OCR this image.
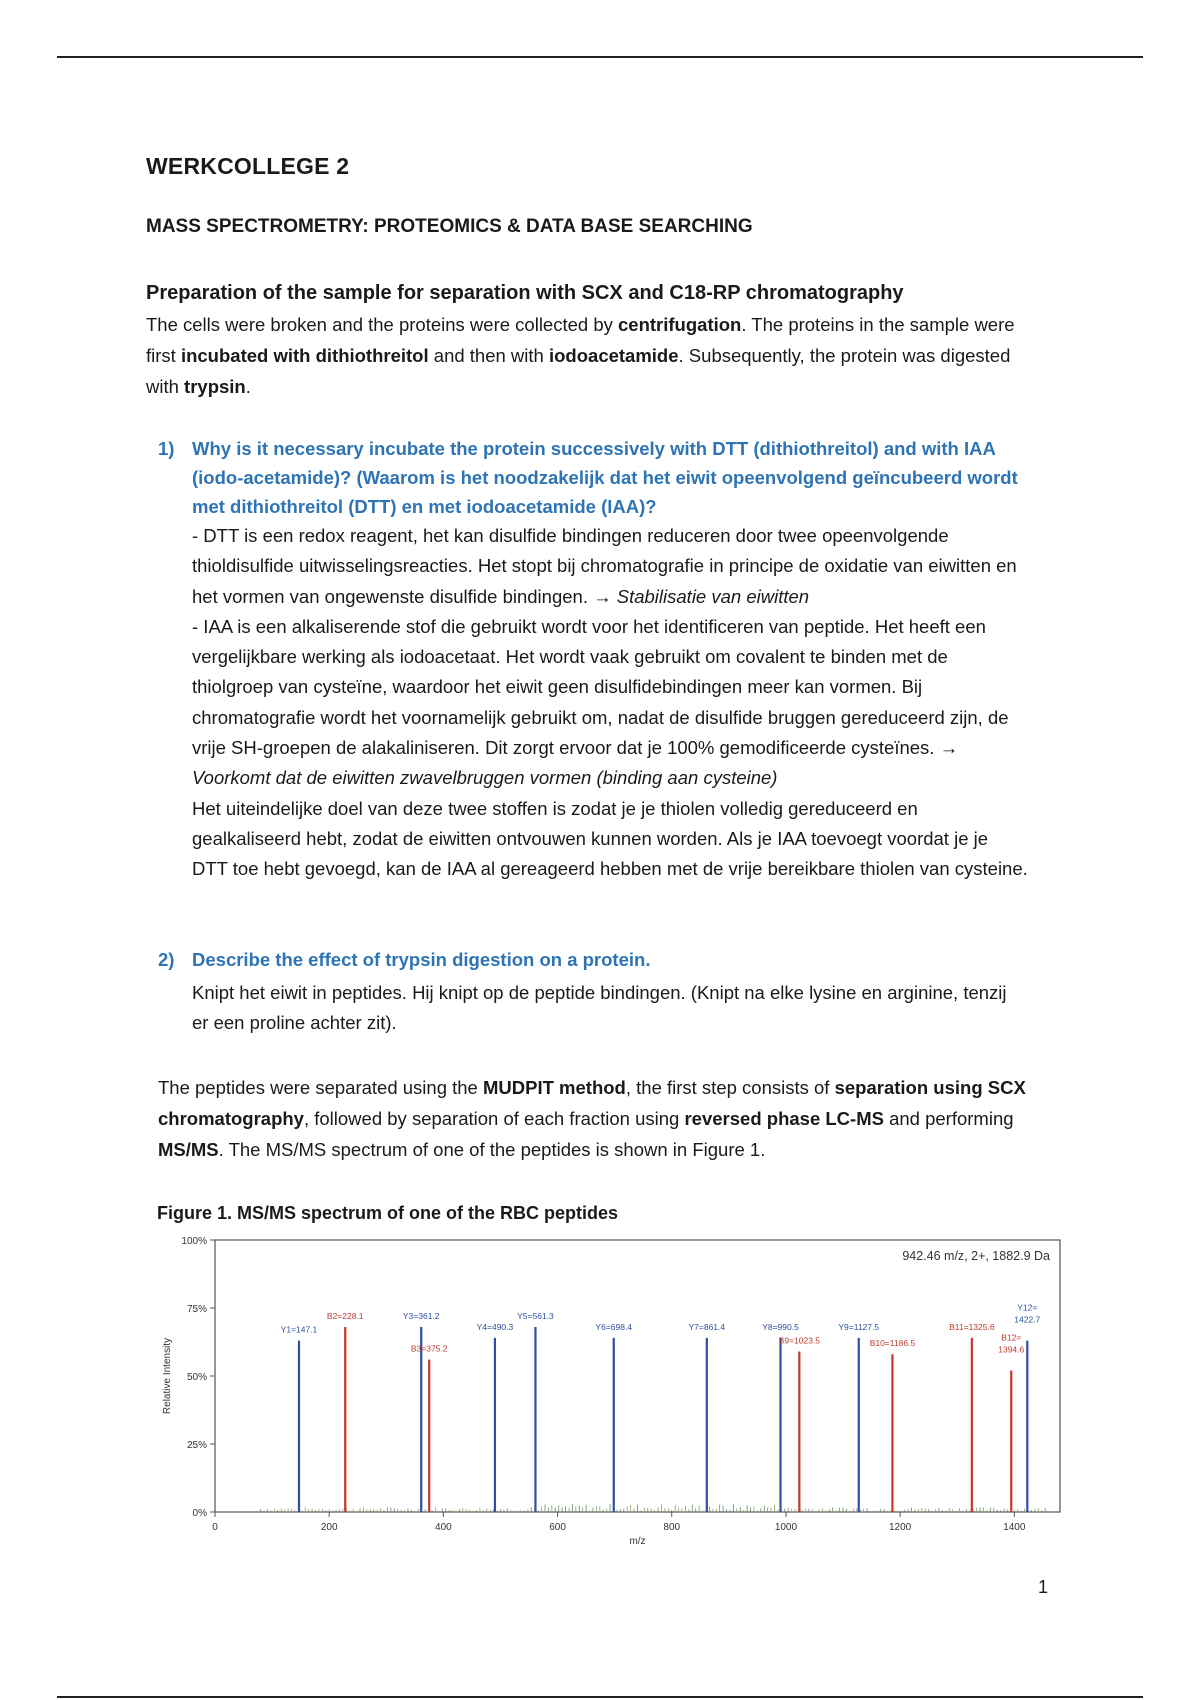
WERKCOLLEGE 2
MASS SPECTROMETRY: PROTEOMICS & DATA BASE SEARCHING
Preparation of the sample for separation with SCX and C18-RP chromatography
The cells were broken and the proteins were collected by centrifugation. The proteins in the sample were first incubated with dithiothreitol and then with iodoacetamide. Subsequently, the protein was digested with trypsin.
1) Why is it necessary incubate the protein successively with DTT (dithiothreitol) and with IAA (iodo-acetamide)? (Waarom is het noodzakelijk dat het eiwit opeenvolgend geïncubeerd wordt met dithiothreitol (DTT) en met iodoacetamide (IAA)?
- DTT is een redox reagent, het kan disulfide bindingen reduceren door twee opeenvolgende thioldisulfide uitwisselingsreacties. Het stopt bij chromatografie in principe de oxidatie van eiwitten en het vormen van ongewenste disulfide bindingen. → Stabilisatie van eiwitten
- IAA is een alkaliserende stof die gebruikt wordt voor het identificeren van peptide. Het heeft een vergelijkbare werking als iodoacetaat. Het wordt vaak gebruikt om covalent te binden met de thiolgroep van cysteïne, waardoor het eiwit geen disulfidebindingen meer kan vormen. Bij chromatografie wordt het voornamelijk gebruikt om, nadat de disulfide bruggen gereduceerd zijn, de vrije SH-groepen de alakaliniseren. Dit zorgt ervoor dat je 100% gemodificeerde cysteïnes. → Voorkomt dat de eiwitten zwavelbruggen vormen (binding aan cysteine)
Het uiteindelijke doel van deze twee stoffen is zodat je je thiolen volledig gereduceerd en gealkaliseerd hebt, zodat de eiwitten ontvouwen kunnen worden. Als je IAA toevoegt voordat je je DTT toe hebt gevoegd, kan de IAA al gereageerd hebben met de vrije bereikbare thiolen van cysteine.
2) Describe the effect of trypsin digestion on a protein.
Knipt het eiwit in peptides. Hij knipt op de peptide bindingen. (Knipt na elke lysine en arginine, tenzij er een proline achter zit).
The peptides were separated using the MUDPIT method, the first step consists of separation using SCX chromatography, followed by separation of each fraction using reversed phase LC-MS and performing MS/MS. The MS/MS spectrum of one of the peptides is shown in Figure 1.
Figure 1. MS/MS spectrum of one of the RBC peptides
0%
25%
50%
75%
100%
0	200	400	600	800	1000	1200	1400
m/z
Relative Intensity
942.46 m/z, 2+, 1882.9 Da
Y1=147.1
B2=228.1	Y3=361.2
B3=375.2
Y4=490.3
Y5=561.3
Y6=698.4	Y7=861.4	Y8=990.5
B9=1023.5
Y9=1127.5
B10=1186.5
B11=1325.6
B12= 1394.6
Y12= 1422.7
1
